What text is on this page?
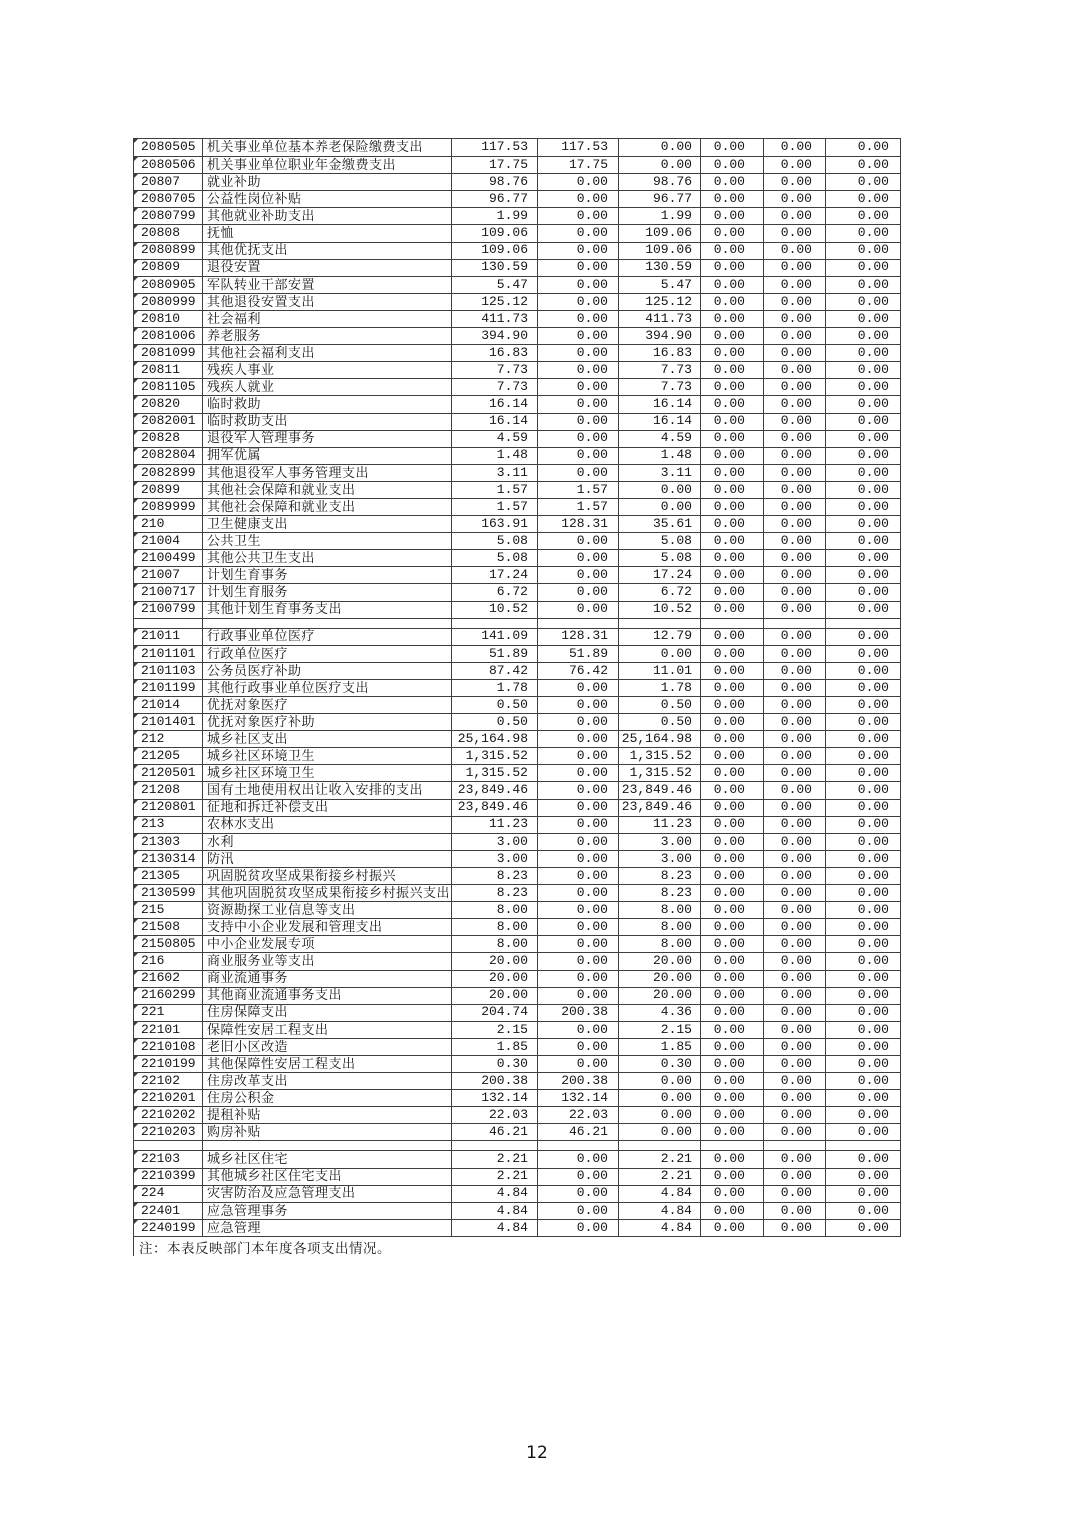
2080505 机关事业单位基本养老保险缴费支出	117.53	117.53	0.00	0.00	0.00	0.00
2080506 机关事业单位职业年金缴费支出	17.75	17.75	0.00	0.00	0.00	0.00
20807	就业补助	98.76	0.00	98.76	0.00	0.00	0.00
2080705 公益性岗位补贴	96.77	0.00	96.77	0.00	0.00	0.00
2080799 其他就业补助支出	1.99	0.00	1.99	0.00	0.00	0.00
20808	抚恤	109.06	0.00	109.06	0.00	0.00	0.00
2080899 其他优抚支出	109.06	0.00	109.06	0.00	0.00	0.00
20809	退役安置	130.59	0.00	130.59	0.00	0.00	0.00
2080905 军队转业干部安置	5.47	0.00	5.47	0.00	0.00	0.00
2080999 其他退役安置支出	125.12	0.00	125.12	0.00	0.00	0.00
20810	社会福利	411.73	0.00	411.73	0.00	0.00	0.00
2081006 养老服务	394.90	0.00	394.90	0.00	0.00	0.00
2081099 其他社会福利支出	16.83	0.00	16.83	0.00	0.00	0.00
20811	残疾人事业	7.73	0.00	7.73	0.00	0.00	0.00
2081105 残疾人就业	7.73	0.00	7.73	0.00	0.00	0.00
20820	临时救助	16.14	0.00	16.14	0.00	0.00	0.00
2082001 临时救助支出	16.14	0.00	16.14	0.00	0.00	0.00
20828	退役军人管理事务	4.59	0.00	4.59	0.00	0.00	0.00
2082804 拥军优属	1.48	0.00	1.48	0.00	0.00	0.00
2082899 其他退役军人事务管理支出	3.11	0.00	3.11	0.00	0.00	0.00
20899	其他社会保障和就业支出	1.57	1.57	0.00	0.00	0.00	0.00
2089999 其他社会保障和就业支出	1.57	1.57	0.00	0.00	0.00	0.00
210	卫生健康支出	163.91	128.31	35.61	0.00	0.00	0.00
21004	公共卫生	5.08	0.00	5.08	0.00	0.00	0.00
2100499 其他公共卫生支出	5.08	0.00	5.08	0.00	0.00	0.00
21007	计划生育事务	17.24	0.00	17.24	0.00	0.00	0.00
2100717 计划生育服务	6.72	0.00	6.72	0.00	0.00	0.00
2100799 其他计划生育事务支出	10.52	0.00	10.52	0.00	0.00	0.00
21011	行政事业单位医疗	141.09	128.31	12.79	0.00	0.00	0.00
2101101 行政单位医疗	51.89	51.89	0.00	0.00	0.00	0.00
2101103 公务员医疗补助	87.42	76.42	11.01	0.00	0.00	0.00
2101199 其他行政事业单位医疗支出	1.78	0.00	1.78	0.00	0.00	0.00
21014	优抚对象医疗	0.50	0.00	0.50	0.00	0.00	0.00
2101401 优抚对象医疗补助	0.50	0.00	0.50	0.00	0.00	0.00
212	城乡社区支出	25,164.98	0.00	25,164.98	0.00	0.00	0.00
21205	城乡社区环境卫生	1,315.52	0.00	1,315.52	0.00	0.00	0.00
2120501 城乡社区环境卫生	1,315.52	0.00	1,315.52	0.00	0.00	0.00
21208	国有土地使用权出让收入安排的支出	23,849.46	0.00	23,849.46	0.00	0.00	0.00
2120801 征地和拆迁补偿支出	23,849.46	0.00	23,849.46	0.00	0.00	0.00
213	农林水支出	11.23	0.00	11.23	0.00	0.00	0.00
21303	水利	3.00	0.00	3.00	0.00	0.00	0.00
2130314 防汛	3.00	0.00	3.00	0.00	0.00	0.00
21305	巩固脱贫攻坚成果衔接乡村振兴	8.23	0.00	8.23	0.00	0.00	0.00
2130599 其他巩固脱贫攻坚成果衔接乡村振兴支出	8.23	0.00	8.23	0.00	0.00	0.00
215	资源勘探工业信息等支出	8.00	0.00	8.00	0.00	0.00	0.00
21508	支持中小企业发展和管理支出	8.00	0.00	8.00	0.00	0.00	0.00
2150805 中小企业发展专项	8.00	0.00	8.00	0.00	0.00	0.00
216	商业服务业等支出	20.00	0.00	20.00	0.00	0.00	0.00
21602	商业流通事务	20.00	0.00	20.00	0.00	0.00	0.00
2160299 其他商业流通事务支出	20.00	0.00	20.00	0.00	0.00	0.00
221	住房保障支出	204.74	200.38	4.36	0.00	0.00	0.00
22101	保障性安居工程支出	2.15	0.00	2.15	0.00	0.00	0.00
2210108 老旧小区改造	1.85	0.00	1.85	0.00	0.00	0.00
2210199 其他保障性安居工程支出	0.30	0.00	0.30	0.00	0.00	0.00
22102	住房改革支出	200.38	200.38	0.00	0.00	0.00	0.00
2210201 住房公积金	132.14	132.14	0.00	0.00	0.00	0.00
2210202 提租补贴	22.03	22.03	0.00	0.00	0.00	0.00
2210203 购房补贴	46.21	46.21	0.00	0.00	0.00	0.00
22103	城乡社区住宅	2.21	0.00	2.21	0.00	0.00	0.00
2210399 其他城乡社区住宅支出	2.21	0.00	2.21	0.00	0.00	0.00
224	灾害防治及应急管理支出	4.84	0.00	4.84	0.00	0.00	0.00
22401	应急管理事务	4.84	0.00	4.84	0.00	0.00	0.00
2240199 应急管理	4.84	0.00	4.84	0.00	0.00	0.00
注：本表反映部门本年度各项支出情况。
12
